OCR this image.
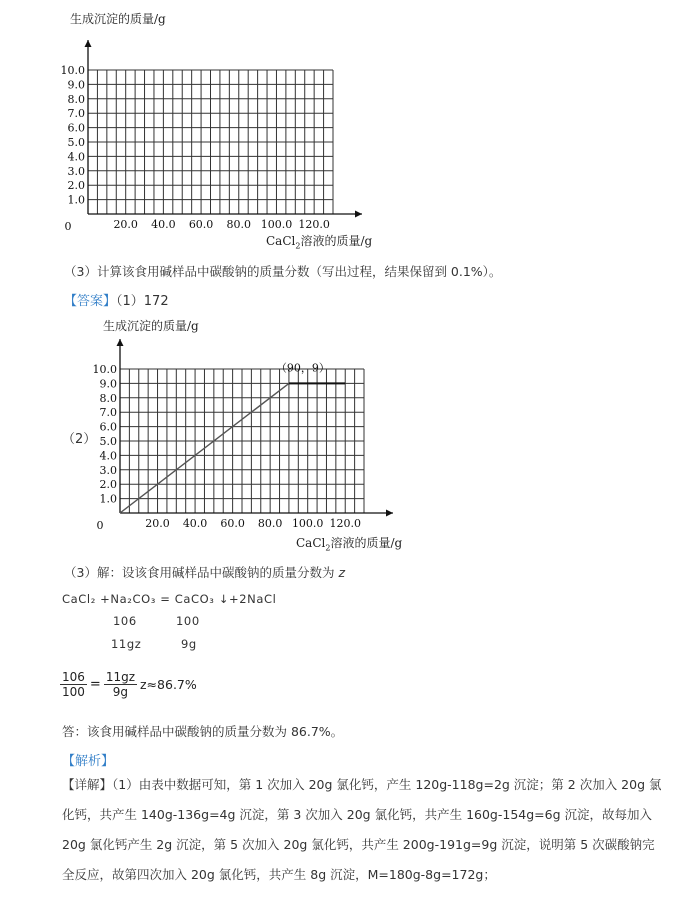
生成沉淀的质量/g
10.0
9.0
8.0
7.0
6.0
5.0
4.0
3.0
2.0
1.0
20.0 40.0 60.0 80.0 100.0 120.0
0
CaCl$_2$溶液的质量/g
（3）计算该食用碱样品中碳酸钠的质量分数（写出过程，结果保留到 0.1%）。
【答案】（1）172
生成沉淀的质量/g
（2）
10.0
9.0
8.0
7.0
6.0
5.0
4.0
3.0
2.0
1.0
20.0 40.0 60.0 80.0 100.0 120.0
0
（90，9）
CaCl$_2$溶液的质量/g
（3）解：设该食用碱样品中碳酸钠的质量分数为 z
CaCl₂ +Na₂CO₃ = CaCO₃ ↓+2NaCl
106	100
11gz	9g
$\frac{106}{100} = \frac{11gz}{9g} z\approx 86.7\%$
答：该食用碱样品中碳酸钠的质量分数为 86.7%。
【解析】
【详解】（1）由表中数据可知，第 1 次加入 20g 氯化钙，产生 120g-118g=2g 沉淀；第 2 次加入 20g 氯化钙，共产生 140g-136g=4g 沉淀，第 3 次加入 20g 氯化钙，共产生 160g-154g=6g 沉淀，故每加入 20g 氯化钙产生 2g 沉淀，第 5 次加入 20g 氯化钙，共产生 200g-191g=9g 沉淀，说明第 5 次碳酸钠完全反应，故第四次加入 20g 氯化钙，共产生 8g 沉淀，M=180g-8g=172g；
